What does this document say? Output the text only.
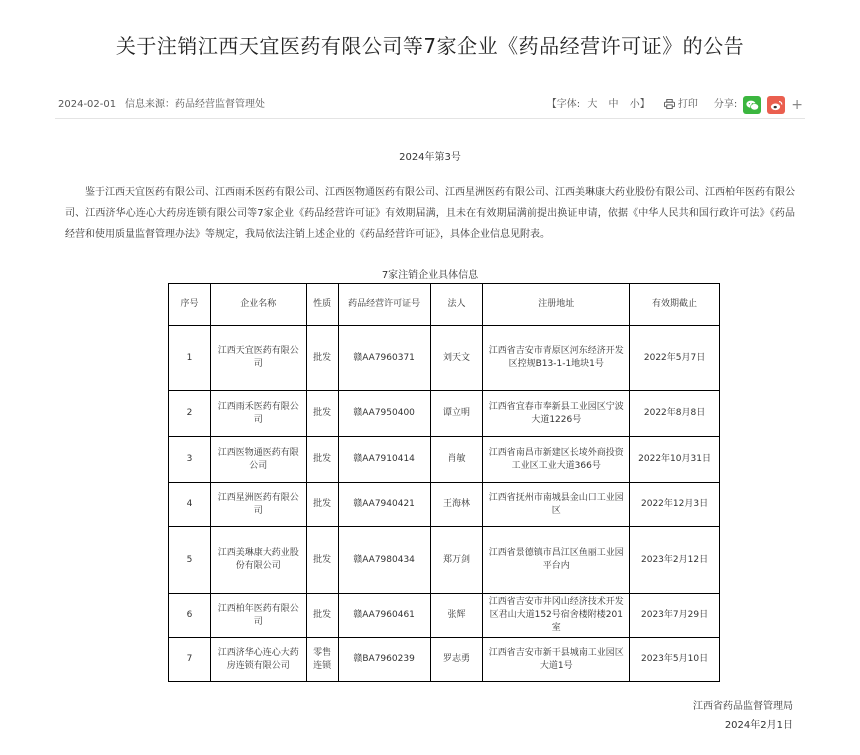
关于注销江西天宜医药有限公司等7家企业《药品经营许可证》的公告
2024-02-01 信息来源：药品经营监督管理处	【字体: 大 中 小】	打印 分享:	+
2024年第3号

鉴于江西天宜医药有限公司、江西雨禾医药有限公司、江西医物通医药有限公司、江西星洲医药有限公司、江西美琳康大药业股份有限公司、江西柏年医药有限公司、江西济华心连心大药房连锁有限公司等7家企业《药品经营许可证》有效期届满，且未在有效期届满前提出换证申请，依据《中华人民共和国行政许可法》《药品经营和使用质量监督管理办法》等规定，我局依法注销上述企业的《药品经营许可证》，具体企业信息见附表。

7家注销企业具体信息
序号	企业名称	性质	药品经营许可证号	法人	注册地址	有效期截止
1	江西天宜医药有限公司	批发	赣AA7960371	刘天文	江西省吉安市青原区河东经济开发区控规B13-1-1地块1号	2022年5月7日
2	江西雨禾医药有限公司	批发	赣AA7950400	谭立明	江西省宜春市奉新县工业园区宁波大道1226号	2022年8月8日
3	江西医物通医药有限公司	批发	赣AA7910414	肖敏	江西省南昌市新建区长堎外商投资工业区工业大道366号	2022年10月31日
4	江西星洲医药有限公司	批发	赣AA7940421	王海林	江西省抚州市南城县金山口工业园区	2022年12月3日
5	江西美琳康大药业股份有限公司	批发	赣AA7980434	郑万剑	江西省景德镇市昌江区鱼丽工业园平台内	2023年2月12日
6	江西柏年医药有限公司	批发	赣AA7960461	张辉	江西省吉安市井冈山经济技术开发区君山大道152号宿舍楼附楼201室	2023年7月29日
7	江西济华心连心大药房连锁有限公司	零售连锁	赣BA7960239	罗志勇	江西省吉安市新干县城南工业园区大道1号	2023年5月10日
江西省药品监督管理局
2024年2月1日
